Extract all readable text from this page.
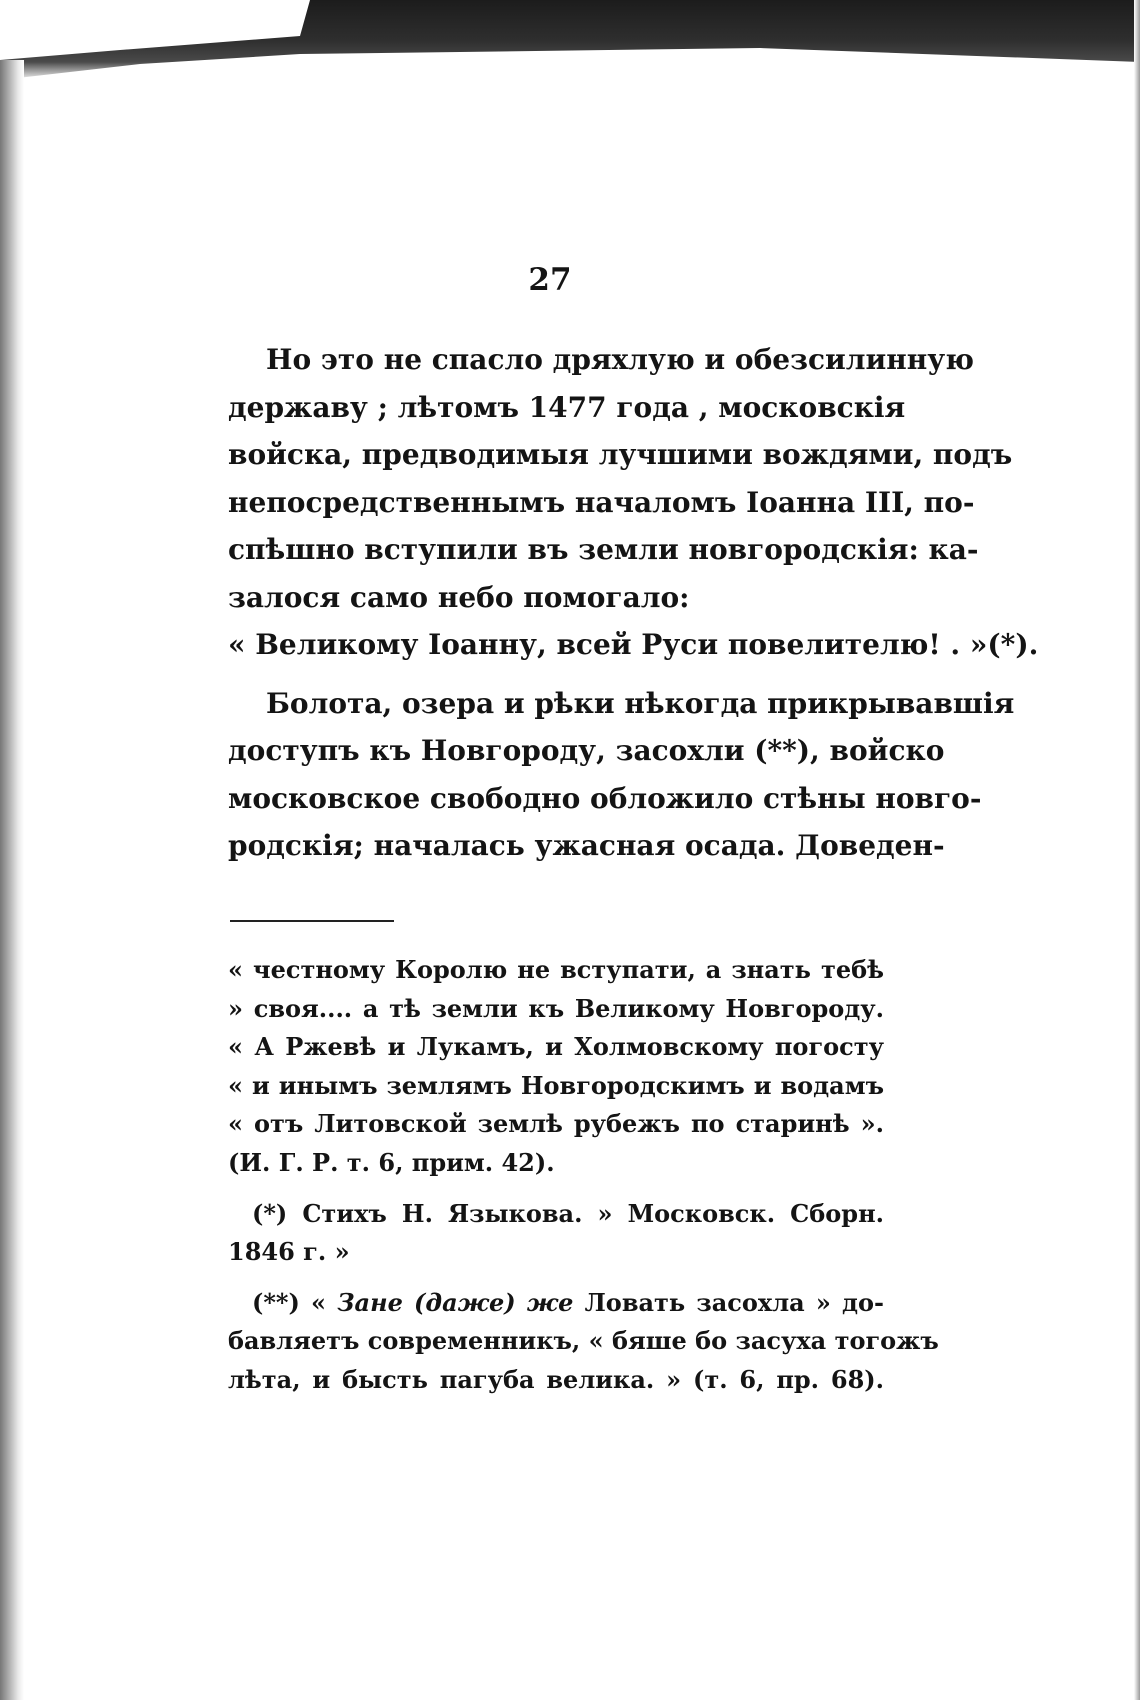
27
Но это не спасло дряхлую и обезсилинную
державу ; лѣтомъ 1477 года , московскія
войска, предводимыя лучшими вождями, подъ
непосредственнымъ началомъ Іоанна III, по-
спѣшно вступили въ земли новгородскія: ка-
залося само небо помогало:
« Великому Іоанну, всей Руси повелителю! . »(*).
Болота, озера и рѣки нѣкогда прикрывавшія
доступъ къ Новгороду, засохли (**), войско
московское свободно обложило стѣны новго-
родскія; началась ужасная осада. Доведен-
« честному Королю не вступати, а знать тебѣ
» своя.... а тѣ земли къ Великому Новгороду.
« А Ржевѣ и Лукамъ, и Холмовскому погосту
« и инымъ землямъ Новгородскимъ и водамъ
« отъ Литовской землѣ рубежъ по старинѣ ».
(И. Г. Р. т. 6, прим. 42).
(*) Стихъ Н. Языкова. » Московск. Сборн.
1846 г. »
(**) « Зане (даже) же Ловать засохла » до-
бавляетъ современникъ, « бяше бо засуха тогожъ
лѣта, и бысть пагуба велика. » (т. 6, пр. 68).
